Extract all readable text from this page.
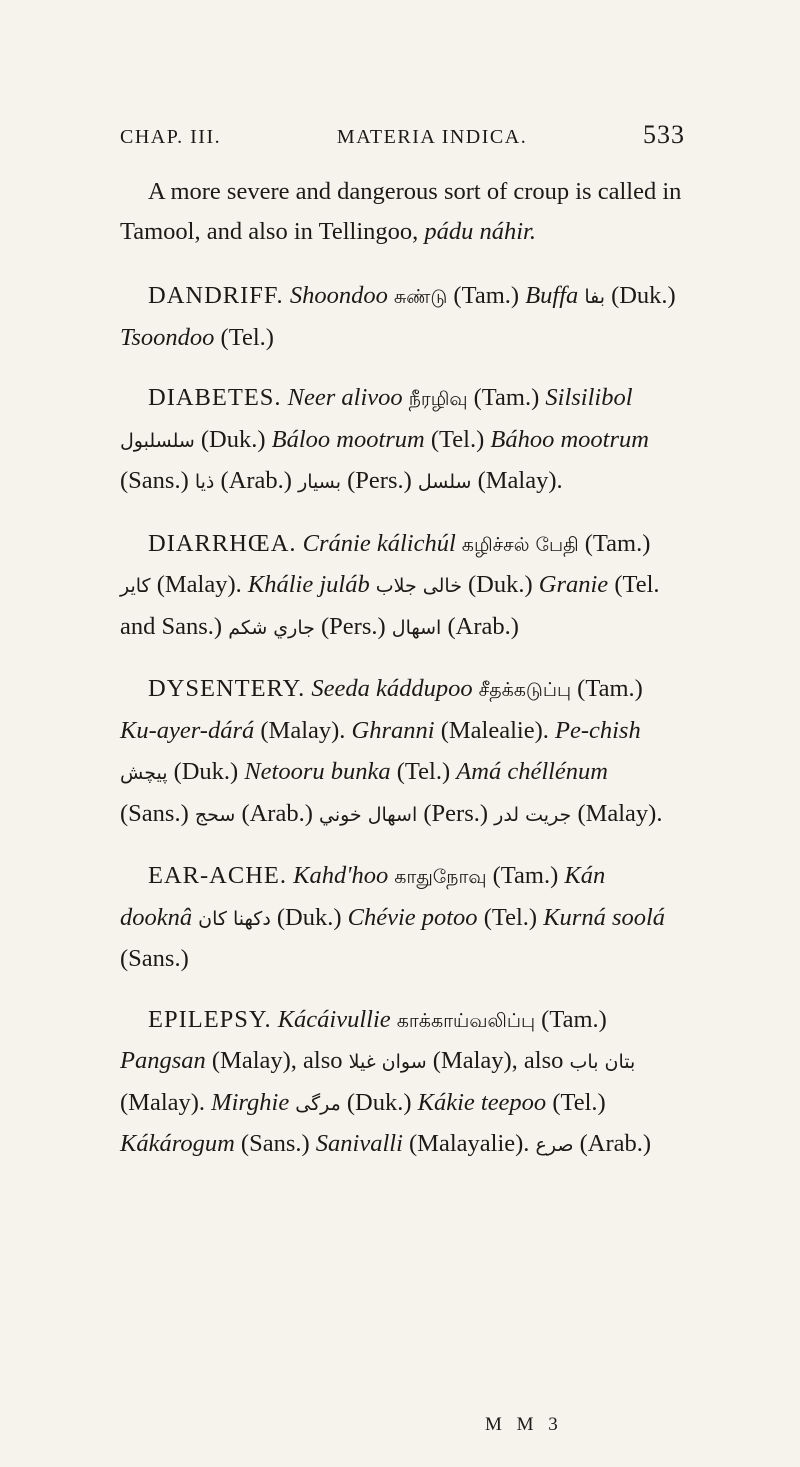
CHAP. III.	MATERIA INDICA.	533

A more severe and dangerous sort of croup is called in Tamool, and also in Tellingoo, pádu náhir.

DANDRIFF. Shoondoo சுண்டு (Tam.) Buffa بفا (Duk.) Tsoondoo (Tel.)

DIABETES. Neer alivoo நீரழிவு (Tam.) Silsilibol سلسلبول (Duk.) Báloo mootrum (Tel.) Báhoo mootrum (Sans.) ذيا (Arab.) بسيار (Pers.) سلسل (Malay).

DIARRHŒA. Cránie kálichúl கழிச்சல் பேதி (Tam.) کاير (Malay). Khálie juláb خالی جلاب (Duk.) Granie (Tel. and Sans.) جاري شكم (Pers.) اسهال (Arab.)

DYSENTERY. Seeda kádduрoo சீதக்கடுப்பு (Tam.) Ku-ayer-dárá (Malay). Ghranni (Malealie). Pe-chish پيچش (Duk.) Netooru bunka (Tel.) Amá chéllénum (Sans.) سحج (Arab.) اسهال خوني (Pers.) جريت لدر (Malay).

EAR-ACHE. Kahd'hoo காதுநோவு (Tam.) Kán dooknâ دکھنا کان (Duk.) Chévie potoo (Tel.) Kurná soolá (Sans.)

EPILEPSY. Kácáivullie காக்காய்வலிப்பு (Tam.) Pangsan (Malay), also سوان غيلا (Malay), also بتان باب (Malay). Mirghie مرگی (Duk.) Kákie teepoo (Tel.) Kákárogum (Sans.) Sanivalli (Malayalie). صرع (Arab.)

M M 3
